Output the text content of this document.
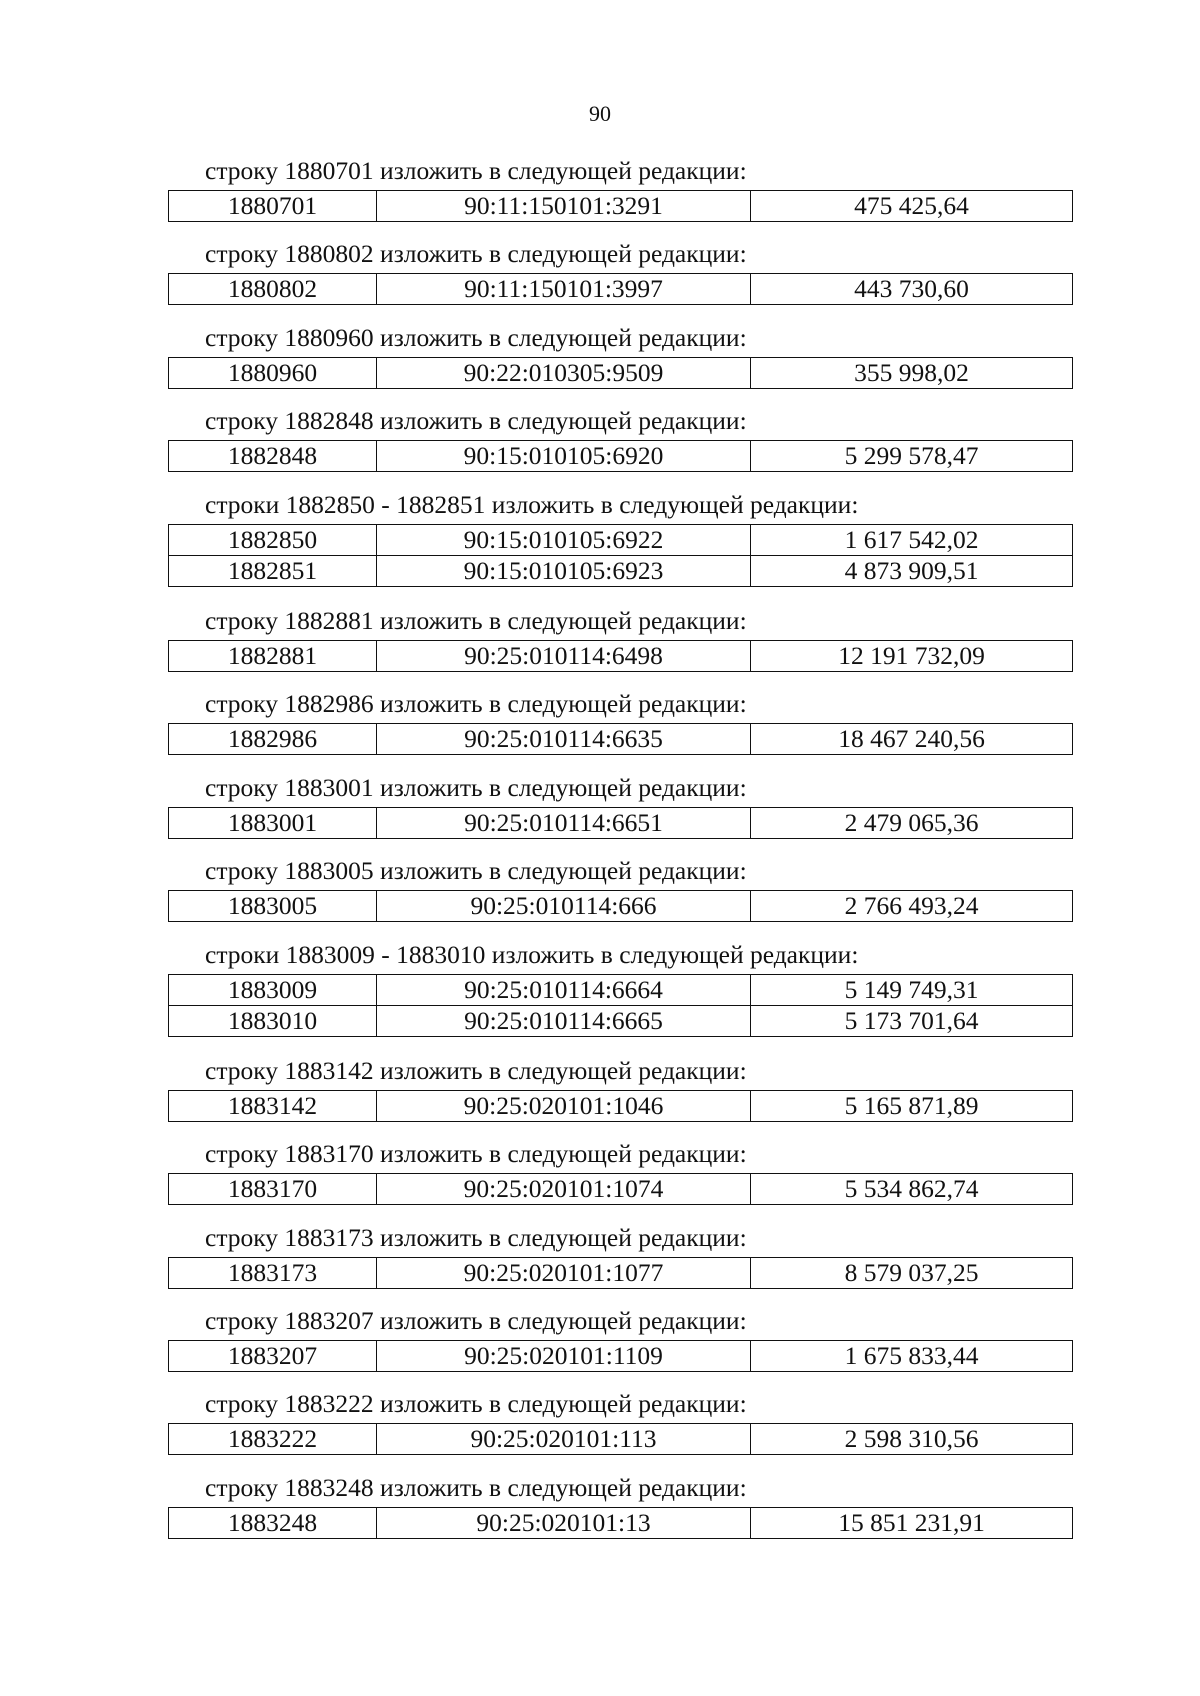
90
строку 1880701 изложить в следующей редакции:
1880701	90:11:150101:3291	475 425,64
строку 1880802 изложить в следующей редакции:
1880802	90:11:150101:3997	443 730,60
строку 1880960 изложить в следующей редакции:
1880960	90:22:010305:9509	355 998,02
строку 1882848 изложить в следующей редакции:
1882848	90:15:010105:6920	5 299 578,47
строки 1882850 - 1882851 изложить в следующей редакции:
1882850	90:15:010105:6922	1 617 542,02
1882851	90:15:010105:6923	4 873 909,51
строку 1882881 изложить в следующей редакции:
1882881	90:25:010114:6498	12 191 732,09
строку 1882986 изложить в следующей редакции:
1882986	90:25:010114:6635	18 467 240,56
строку 1883001 изложить в следующей редакции:
1883001	90:25:010114:6651	2 479 065,36
строку 1883005 изложить в следующей редакции:
1883005	90:25:010114:666	2 766 493,24
строки 1883009 - 1883010 изложить в следующей редакции:
1883009	90:25:010114:6664	5 149 749,31
1883010	90:25:010114:6665	5 173 701,64
строку 1883142 изложить в следующей редакции:
1883142	90:25:020101:1046	5 165 871,89
строку 1883170 изложить в следующей редакции:
1883170	90:25:020101:1074	5 534 862,74
строку 1883173 изложить в следующей редакции:
1883173	90:25:020101:1077	8 579 037,25
строку 1883207 изложить в следующей редакции:
1883207	90:25:020101:1109	1 675 833,44
строку 1883222 изложить в следующей редакции:
1883222	90:25:020101:113	2 598 310,56
строку 1883248 изложить в следующей редакции:
1883248	90:25:020101:13	15 851 231,91
